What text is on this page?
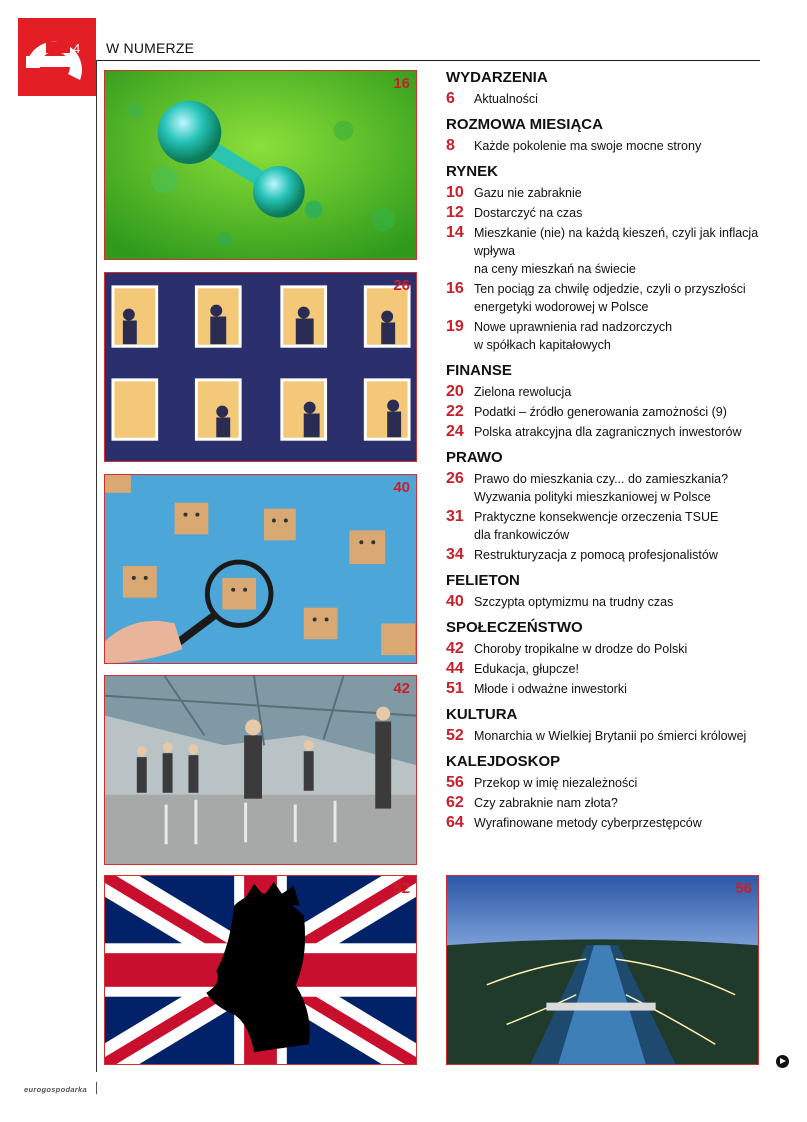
4 W NUMERZE
16
26
40
42
52	56
WYDARZENIA
6	Aktualności
ROZMOWA MIESIĄCA
8	Każde pokolenie ma swoje mocne strony
RYNEK
10 Gazu nie zabraknie
12 Dostarczyć na czas
14 Mieszkanie (nie) na każdą kieszeń, czyli jak inflacja wpływa
na ceny mieszkań na świecie
16 Ten pociąg za chwilę odjedzie, czyli o przyszłości
energetyki wodorowej w Polsce
19 Nowe uprawnienia rad nadzorczych
w spółkach kapitałowych
FINANSE
20 Zielona rewolucja
22 Podatki – źródło generowania zamożności (9)
24 Polska atrakcyjna dla zagranicznych inwestorów
PRAWO
26 Prawo do mieszkania czy... do zamieszkania?
Wyzwania polityki mieszkaniowej w Polsce
31 Praktyczne konsekwencje orzeczenia TSUE
dla frankowiczów
34 Restrukturyzacja z pomocą profesjonalistów
FELIETON
40 Szczypta optymizmu na trudny czas
SPOŁECZEŃSTWO
42 Choroby tropikalne w drodze do Polski
44 Edukacja, głupcze!
51 Młode i odważne inwestorki
KULTURA
52 Monarchia w Wielkiej Brytanii po śmierci królowej
KALEJDOSKOP
56 Przekop w imię niezależności
62 Czy zabraknie nam złota?
64 Wyrafinowane metody cyberprzestępców
eurogospodarka
